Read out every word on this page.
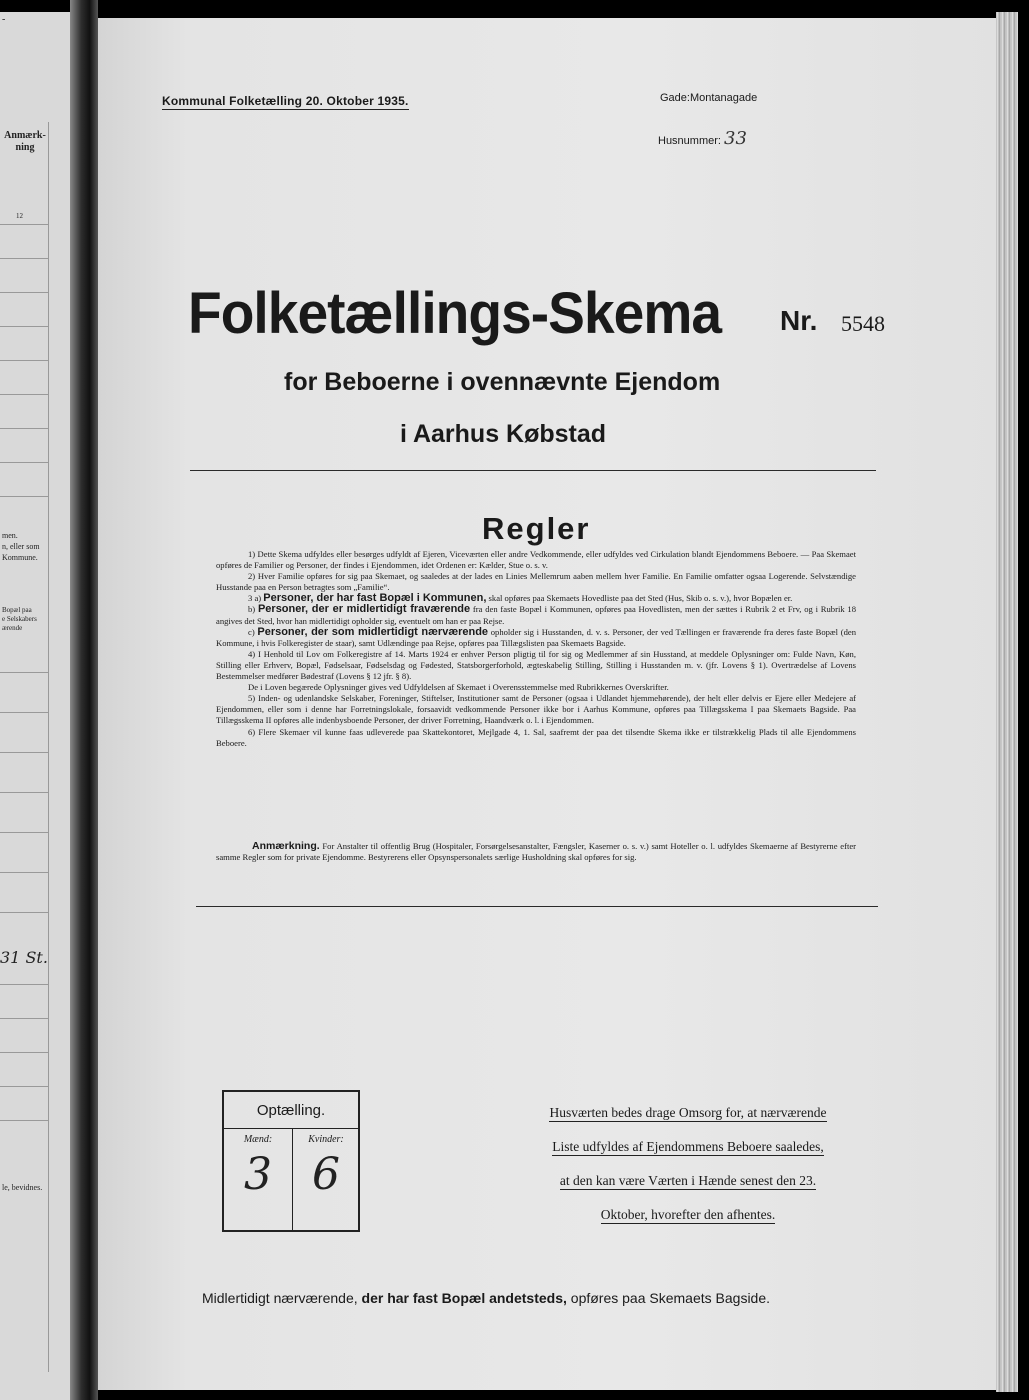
-
Anmærk-
ning
12
men.
n, eller som
Kommune.
Bopæl paa
e Selskabers
ærende
31 St.
le, bevidnes.
Kommunal Folketælling 20. Oktober 1935.	Gade:Montanagade
Husnummer: 33
Folketællings-Skema Nr. 5548
for Beboerne i ovennævnte Ejendom
i Aarhus Købstad
Regler

1) Dette Skema udfyldes eller besørges udfyldt af Ejeren, Viceværten eller andre Vedkommende, eller udfyldes ved Cirkulation blandt Ejendommens Beboere. — Paa Skemaet opføres de Familier og Personer, der findes i Ejendommen, idet Ordenen er: Kælder, Stue o. s. v.

2) Hver Familie opføres for sig paa Skemaet, og saaledes at der lades en Linies Mellemrum aaben mellem hver Familie. En Familie omfatter ogsaa Logerende. Selvstændige Husstande paa en Person betragtes som „Familie“.

3 a) Personer, der har fast Bopæl i Kommunen, skal opføres paa Skemaets Hovedliste paa det Sted (Hus, Skib o. s. v.), hvor Bopælen er.

b) Personer, der er midlertidigt fraværende fra den faste Bopæl i Kommunen, opføres paa Hovedlisten, men der sættes i Rubrik 2 et Frv, og i Rubrik 18 angives det Sted, hvor han midlertidigt opholder sig, eventuelt om han er paa Rejse.

c) Personer, der som midlertidigt nærværende opholder sig i Husstanden, d. v. s. Personer, der ved Tællingen er fraværende fra deres faste Bopæl (den Kommune, i hvis Folkeregister de staar), samt Udlændinge paa Rejse, opføres paa Tillægslisten paa Skemaets Bagside.

4) I Henhold til Lov om Folkeregistre af 14. Marts 1924 er enhver Person pligtig til for sig og Medlemmer af sin Husstand, at meddele Oplysninger om: Fulde Navn, Køn, Stilling eller Erhverv, Bopæl, Fødselsaar, Fødselsdag og Fødested, Statsborgerforhold, ægteskabelig Stilling, Stilling i Husstanden m. v. (jfr. Lovens § 1). Overtrædelse af Lovens Bestemmelser medfører Bødestraf (Lovens § 12 jfr. § 8).

De i Loven begærede Oplysninger gives ved Udfyldelsen af Skemaet i Overensstemmelse med Rubrikkernes Overskrifter.

5) Inden- og udenlandske Selskaber, Foreninger, Stiftelser, Institutioner samt de Personer (ogsaa i Udlandet hjemmehørende), der helt eller delvis er Ejere eller Medejere af Ejendommen, eller som i denne har Forretningslokale, forsaavidt vedkommende Personer ikke bor i Aarhus Kommune, opføres paa Tillægsskema I paa Skemaets Bagside. Paa Tillægsskema II opføres alle indenbysboende Personer, der driver Forretning, Haandværk o. l. i Ejendommen.

6) Flere Skemaer vil kunne faas udleverede paa Skattekontoret, Mejlgade 4, 1. Sal, saafremt der paa det tilsendte Skema ikke er tilstrækkelig Plads til alle Ejendommens Beboere.

Anmærkning. For Anstalter til offentlig Brug (Hospitaler, Forsørgelsesanstalter, Fængsler, Kaserner o. s. v.) samt Hoteller o. l. udfyldes Skemaerne af Bestyrerne efter samme Regler som for private Ejendomme. Bestyrerens eller Opsynspersonalets særlige Husholdning skal opføres for sig.
Optælling.
Mænd:
3
Kvinder:
6
Husværten bedes drage Omsorg for, at nærværende
Liste udfyldes af Ejendommens Beboere saaledes,
at den kan være Værten i Hænde senest den 23.
Oktober, hvorefter den afhentes.
Midlertidigt nærværende, der har fast Bopæl andetsteds, opføres paa Skemaets Bagside.
